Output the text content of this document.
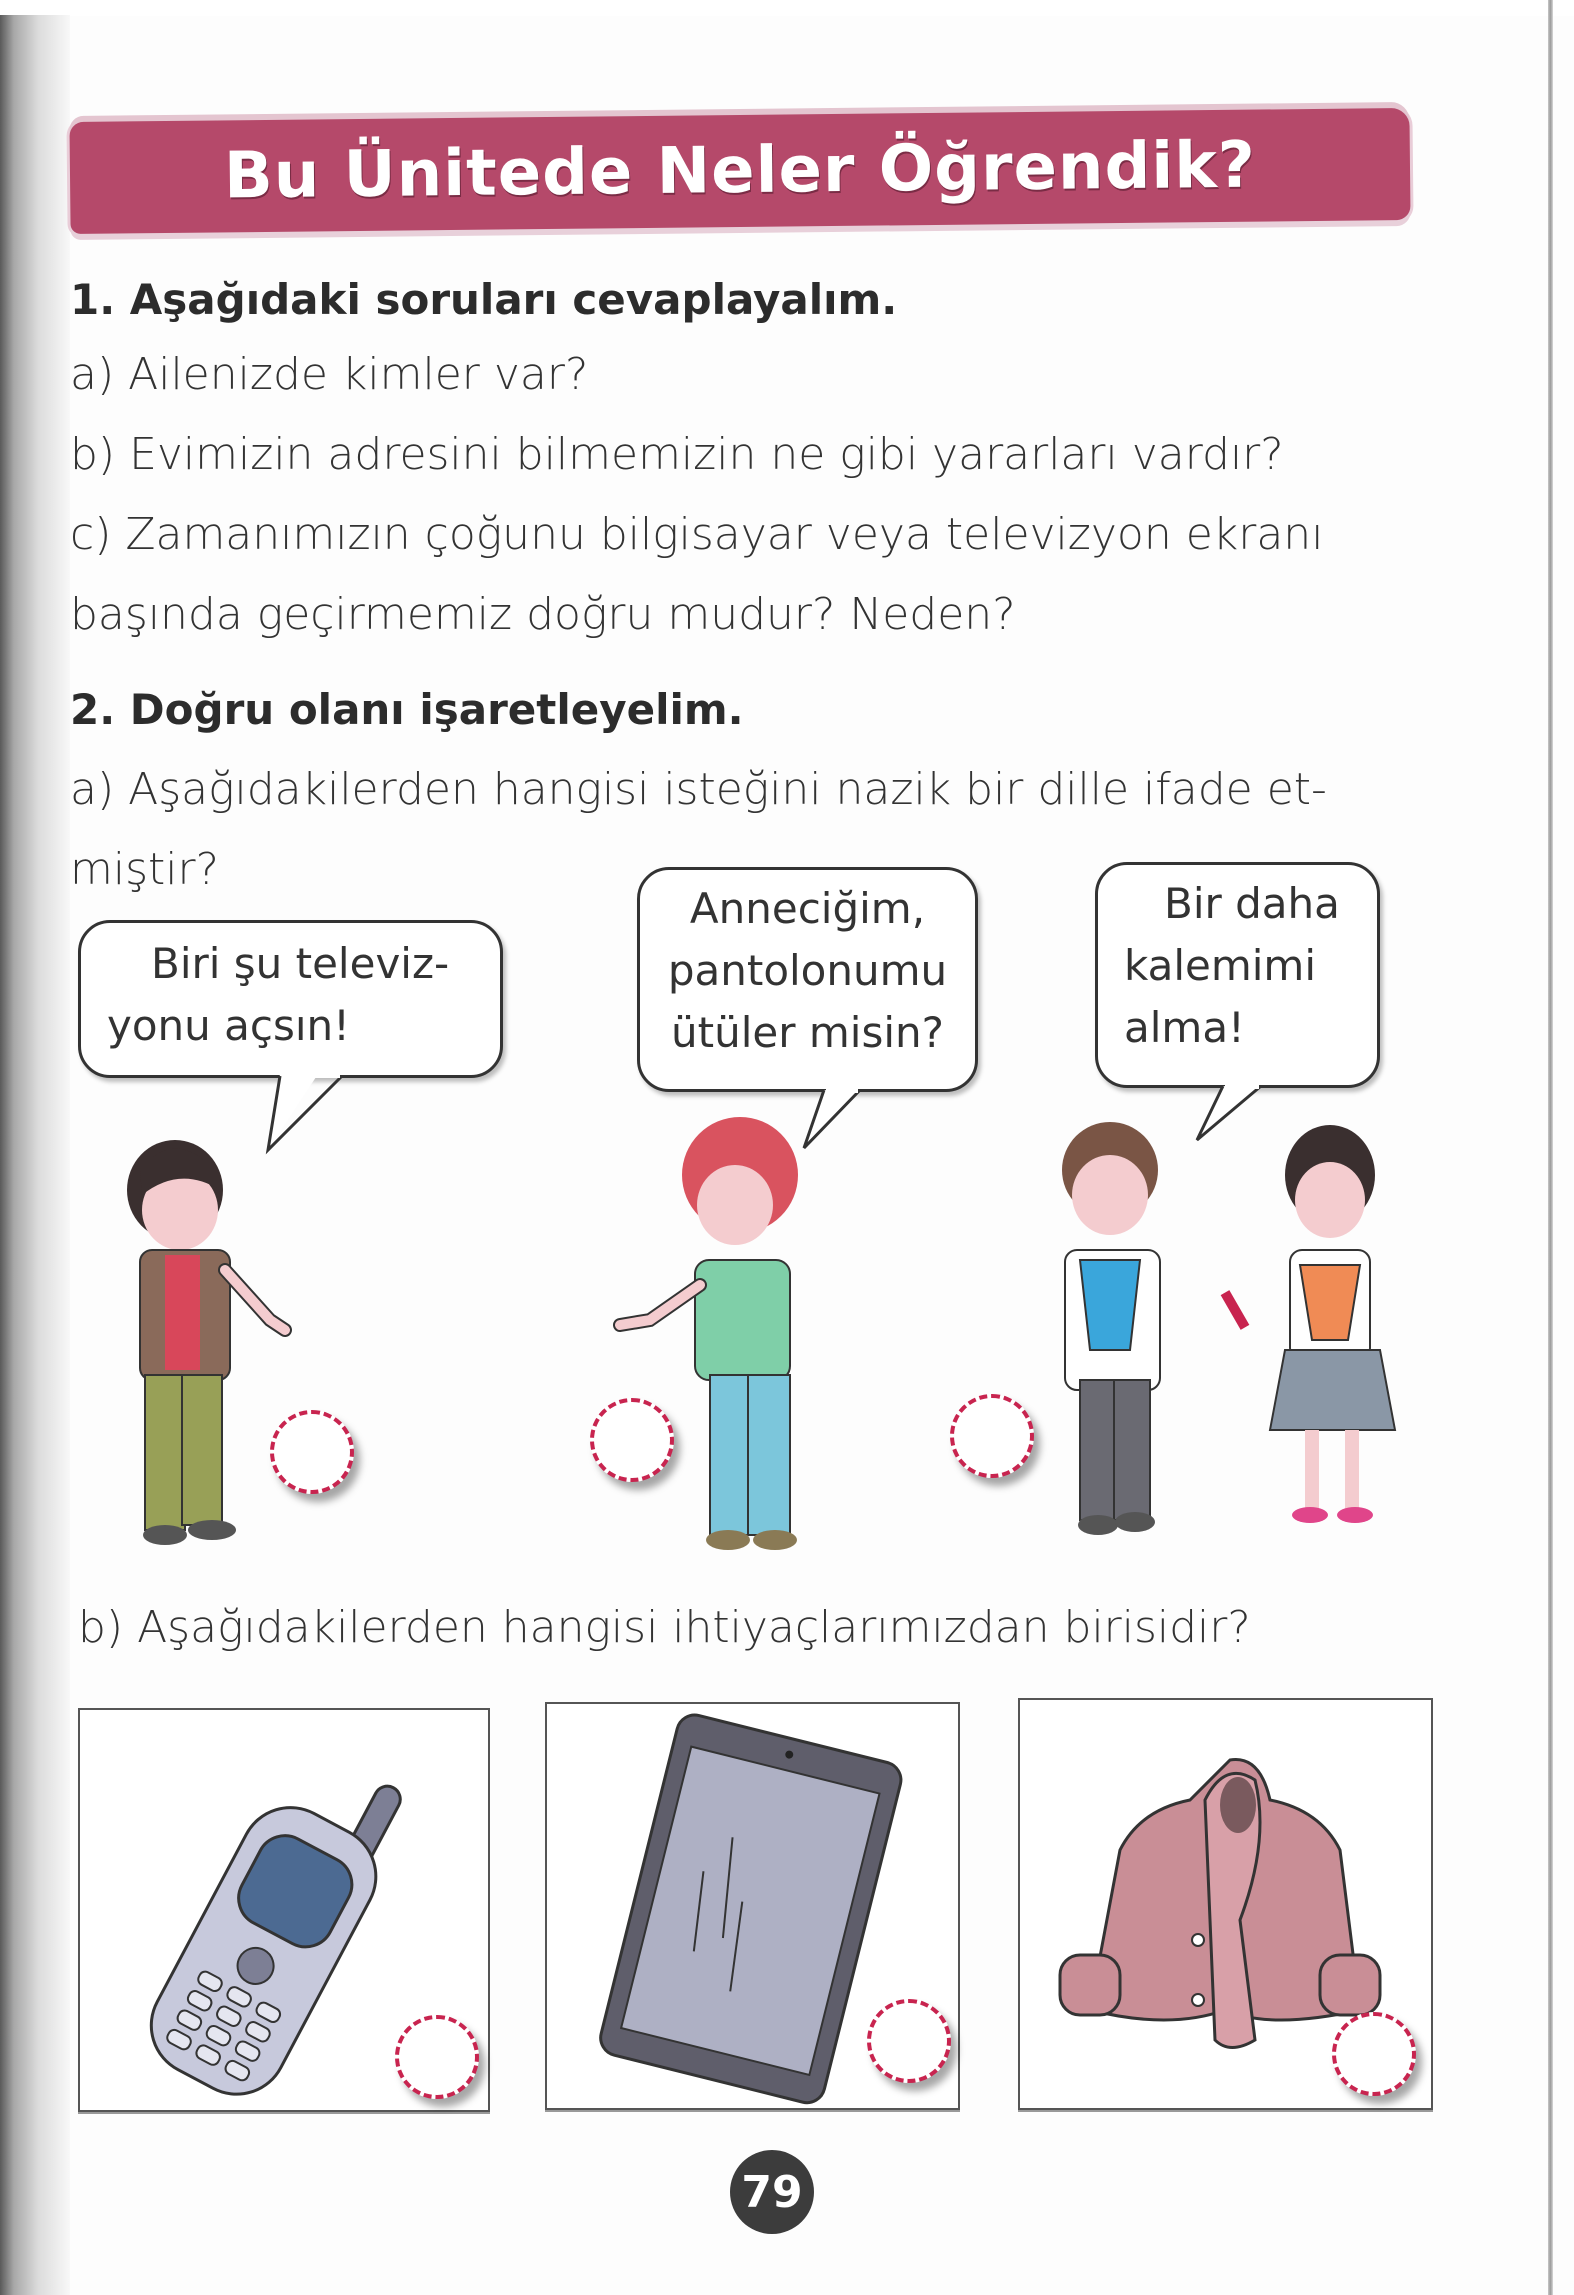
Bu Ünitede Neler Öğrendik?
1. Aşağıdaki soruları cevaplayalım.
a) Ailenizde kimler var?
b) Evimizin adresini bilmemizin ne gibi yararları vardır?
c) Zamanımızın çoğunu bilgisayar veya televizyon ekranı
başında geçirmemiz doğru mudur? Neden?
2. Doğru olanı işaretleyelim.
a) Aşağıdakilerden hangisi isteğini nazik bir dille ifade et-
miştir?
Biri şu televiz-
yonu açsın!
Anneciğim,
pantolonumu
ütüler misin?
Bir daha
kalemimi
alma!
b) Aşağıdakilerden hangisi ihtiyaçlarımızdan birisidir?
79
